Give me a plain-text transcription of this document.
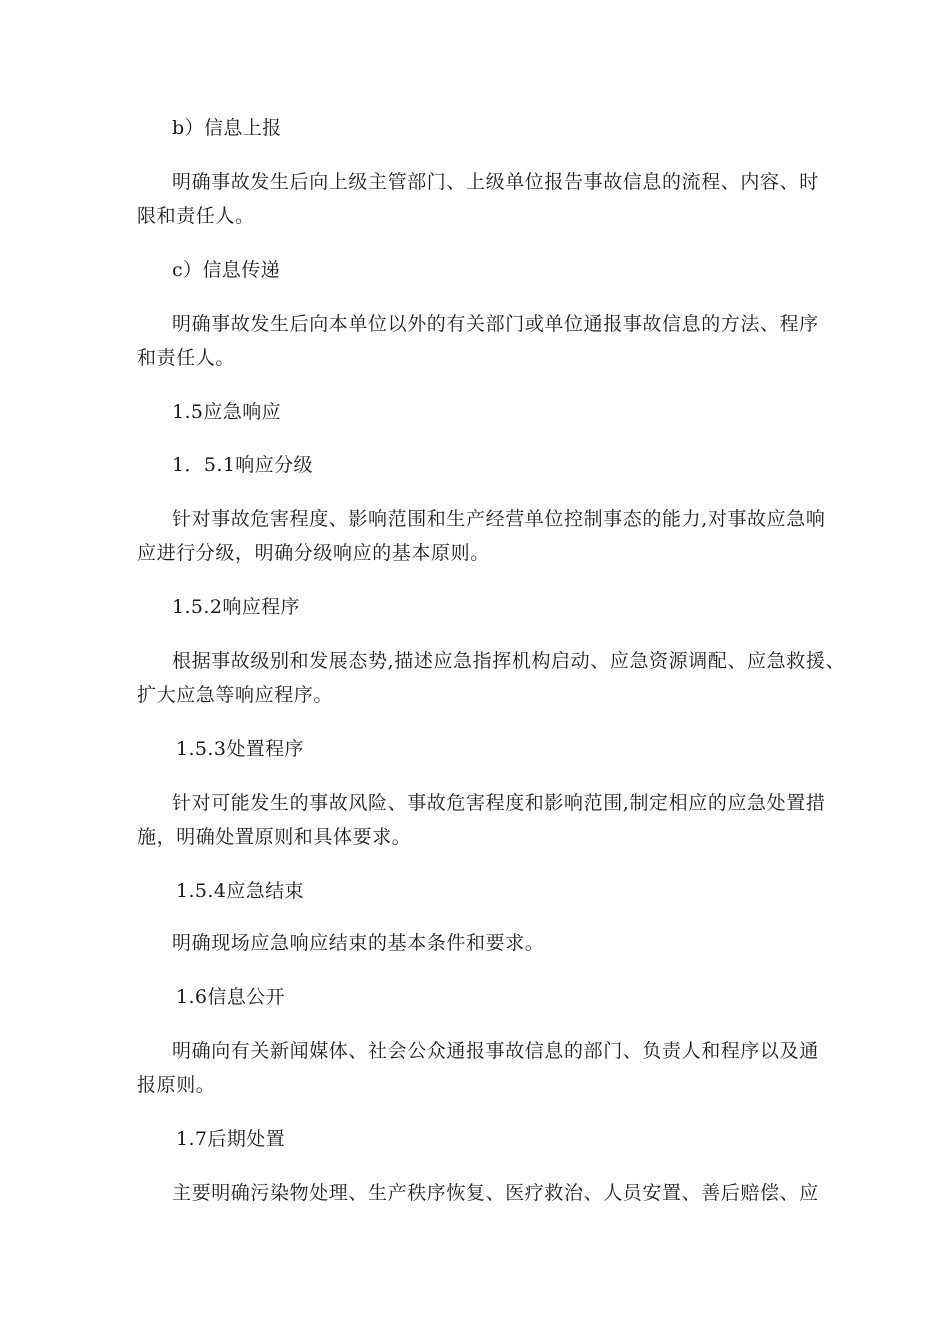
b）信息上报

明确事故发生后向上级主管部门、上级单位报告事故信息的流程、内容、时

限和责任人。

c）信息传递

明确事故发生后向本单位以外的有关部门或单位通报事故信息的方法、程序

和责任人。

1.5应急响应

1．5.1响应分级

针对事故危害程度、影响范围和生产经营单位控制事态的能力,对事故应急响

应进行分级，明确分级响应的基本原则。

1.5.2响应程序

根据事故级别和发展态势,描述应急指挥机构启动、应急资源调配、应急救援、

扩大应急等响应程序。

1.5.3处置程序

针对可能发生的事故风险、事故危害程度和影响范围,制定相应的应急处置措

施，明确处置原则和具体要求。

1.5.4应急结束

明确现场应急响应结束的基本条件和要求。

1.6信息公开

明确向有关新闻媒体、社会公众通报事故信息的部门、负责人和程序以及通

报原则。

1.7后期处置

主要明确污染物处理、生产秩序恢复、医疗救治、人员安置、善后赔偿、应
